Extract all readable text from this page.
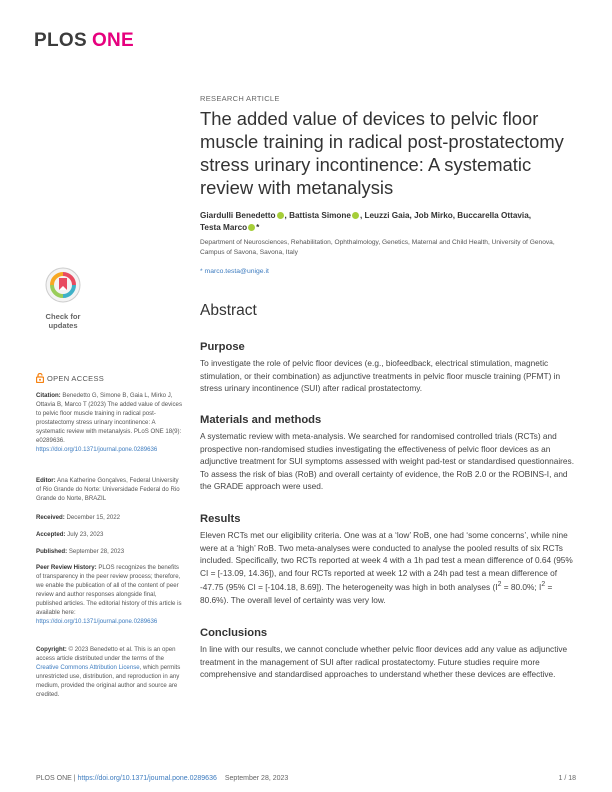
PLOS ONE
Check for
updates
OPEN ACCESS
Citation: Benedetto G, Simone B, Gaia L, Mirko J, Ottavia B, Marco T (2023) The added value of devices to pelvic floor muscle training in radical post-prostatectomy stress urinary incontinence: A systematic review with metanalysis. PLoS ONE 18(9): e0289636. https://doi.org/10.1371/journal.pone.0289636
Editor: Ana Katherine Gonçalves, Federal University of Rio Grande do Norte: Universidade Federal do Rio Grande do Norte, BRAZIL
Received: December 15, 2022
Accepted: July 23, 2023
Published: September 28, 2023
Peer Review History: PLOS recognizes the benefits of transparency in the peer review process; therefore, we enable the publication of all of the content of peer review and author responses alongside final, published articles. The editorial history of this article is available here: https://doi.org/10.1371/journal.pone.0289636
Copyright: © 2023 Benedetto et al. This is an open access article distributed under the terms of the Creative Commons Attribution License, which permits unrestricted use, distribution, and reproduction in any medium, provided the original author and source are credited.
RESEARCH ARTICLE
The added value of devices to pelvic floor muscle training in radical post-prostatectomy stress urinary incontinence: A systematic review with metanalysis
Giardulli Benedetto , Battista Simone , Leuzzi Gaia, Job Mirko, Buccarella Ottavia,
Testa Marco *
Department of Neurosciences, Rehabilitation, Ophthalmology, Genetics, Maternal and Child Health, University of Genova, Campus of Savona, Savona, Italy
* marco.testa@unige.it
Abstract
Purpose
To investigate the role of pelvic floor devices (e.g., biofeedback, electrical stimulation, magnetic stimulation, or their combination) as adjunctive treatments in pelvic floor muscle training (PFMT) in stress urinary incontinence (SUI) after radical prostatectomy.
Materials and methods
A systematic review with meta-analysis. We searched for randomised controlled trials (RCTs) and prospective non-randomised studies investigating the effectiveness of pelvic floor devices as an adjunctive treatment for SUI symptoms assessed with weight pad-test or standardised questionnaires. To assess the risk of bias (RoB) and overall certainty of evidence, the RoB 2.0 or the ROBINS-I, and the GRADE approach were used.
Results
Eleven RCTs met our eligibility criteria. One was at a ‘low’ RoB, one had ‘some concerns’, while nine were at a ‘high’ RoB. Two meta-analyses were conducted to analyse the pooled results of six RCTs included. Specifically, two RCTs reported at week 4 with a 1h pad test a mean difference of 0.64 (95% CI = [-13.09, 14.36]), and four RCTs reported at week 12 with a 24h pad test a mean difference of -47.75 (95% CI = [-104.18, 8.69]). The heterogeneity was high in both analyses ($I^2 = 80.0\%$; $I^2 = 80.6\%$). The overall level of certainty was very low.
Conclusions
In line with our results, we cannot conclude whether pelvic floor devices add any value as adjunctive treatment in the management of SUI after radical prostatectomy. Future studies require more comprehensive and standardised approaches to understand whether these devices are effective.
PLOS ONE | https://doi.org/10.1371/journal.pone.0289636 September 28, 2023	1 / 18
